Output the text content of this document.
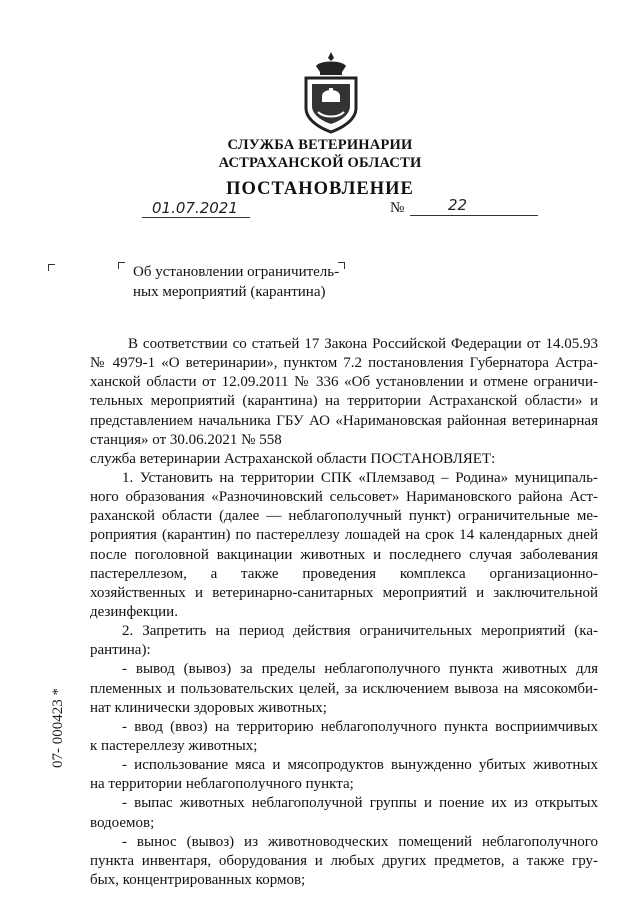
СЛУЖБА ВЕТЕРИНАРИИ
АСТРАХАНСКОЙ ОБЛАСТИ
ПОСТАНОВЛЕНИЕ
01.07.2021	№	22
Об установлении ограничитель-
ных мероприятий (карантина)

В соответствии со статьей 17 Закона Российской Федерации от 14.05.93

№ 4979-1 «О ветеринарии», пунктом 7.2 постановления Губернатора Астра-

ханской области от 12.09.2011 № 336 «Об установлении и отмене ограничи-

тельных мероприятий (карантина) на территории Астраханской области» и

представлением начальника ГБУ АО «Наримановская районная ветеринарная

станция» от 30.06.2021 № 558

служба ветеринарии Астраханской области ПОСТАНОВЛЯЕТ:

1. Установить на территории СПК «Племзавод – Родина» муниципаль-

ного образования «Разночиновский сельсовет» Наримановского района Аст-

раханской области (далее — неблагополучный пункт) ограничительные ме-

роприятия (карантин) по пастереллезу лошадей на срок 14 календарных дней

после поголовной вакцинации животных и последнего случая заболевания

пастереллезом, а также проведения комплекса организационно-

хозяйственных и ветеринарно-санитарных мероприятий и заключительной

дезинфекции.

2. Запретить на период действия ограничительных мероприятий (ка-

рантина):

- вывод (вывоз) за пределы неблагополучного пункта животных для

племенных и пользовательских целей, за исключением вывоза на мясокомби-

нат клинически здоровых животных;

- ввод (ввоз) на территорию неблагополучного пункта восприимчивых

к пастереллезу животных;

- использование мяса и мясопродуктов вынужденно убитых животных

на территории неблагополучного пункта;

- выпас животных неблагополучной группы и поение их из открытых

водоемов;

- вынос (вывоз) из животноводческих помещений неблагополучного

пункта инвентаря, оборудования и любых других предметов, а также гру-

бых, концентрированных кормов;

07- 000423 *
